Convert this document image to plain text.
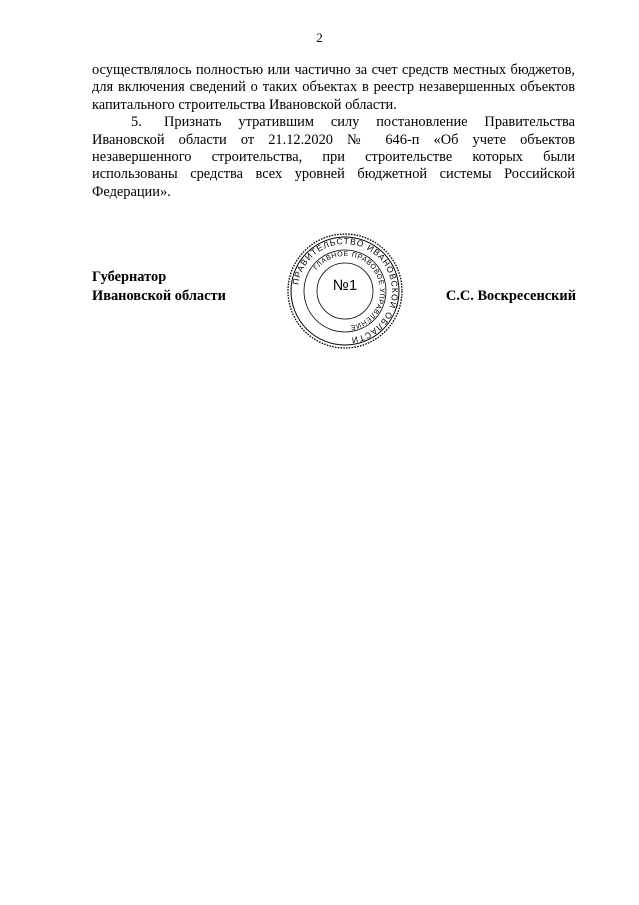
2

осуществлялось полностью или частично за счет средств местных бюджетов, для включения сведений о таких объектах в реестр незавершенных объектов капитального строительства Ивановской области.

5. Признать утратившим силу постановление Правительства Ивановской области от 21.12.2020 № 646-п «Об учете объектов незавершенного строительства, при строительстве которых были использованы средства всех уровней бюджетной системы Российской Федерации».

Губернатор
Ивановской области
ПРАВИТЕЛЬСТВО ИВАНОВСКОЙ ОБЛАСТИ
ГЛАВНОЕ ПРАВОВОЕ УПРАВЛЕНИЕ
№1
С.С. Воскресенский
